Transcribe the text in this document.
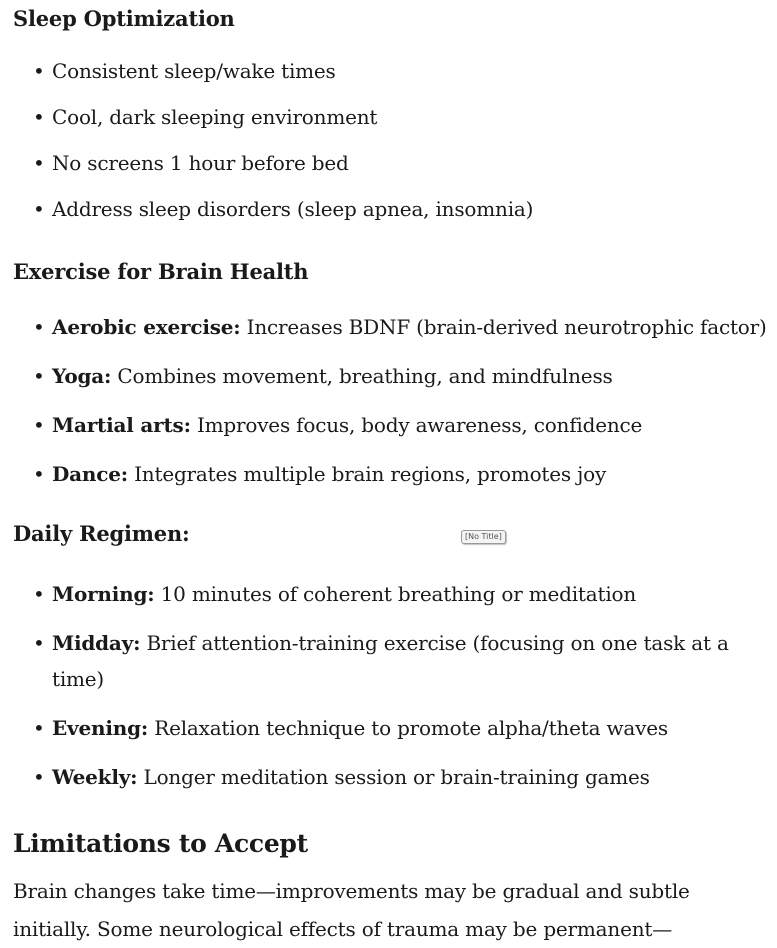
Sleep Optimization
• Consistent sleep/wake times
• Cool, dark sleeping environment
• No screens 1 hour before bed
• Address sleep disorders (sleep apnea, insomnia)
Exercise for Brain Health
• Aerobic exercise: Increases BDNF (brain-derived neurotrophic factor)
• Yoga: Combines movement, breathing, and mindfulness
• Martial arts: Improves focus, body awareness, confidence
• Dance: Integrates multiple brain regions, promotes joy
Daily Regimen:
• Morning: 10 minutes of coherent breathing or meditation
• Midday: Brief attention-training exercise (focusing on one task at a time)
• Evening: Relaxation technique to promote alpha/theta waves
• Weekly: Longer meditation session or brain-training games
Limitations to Accept

Brain changes take time—improvements may be gradual and subtle initially. Some neurological effects of trauma may be permanent—

[No Title]
